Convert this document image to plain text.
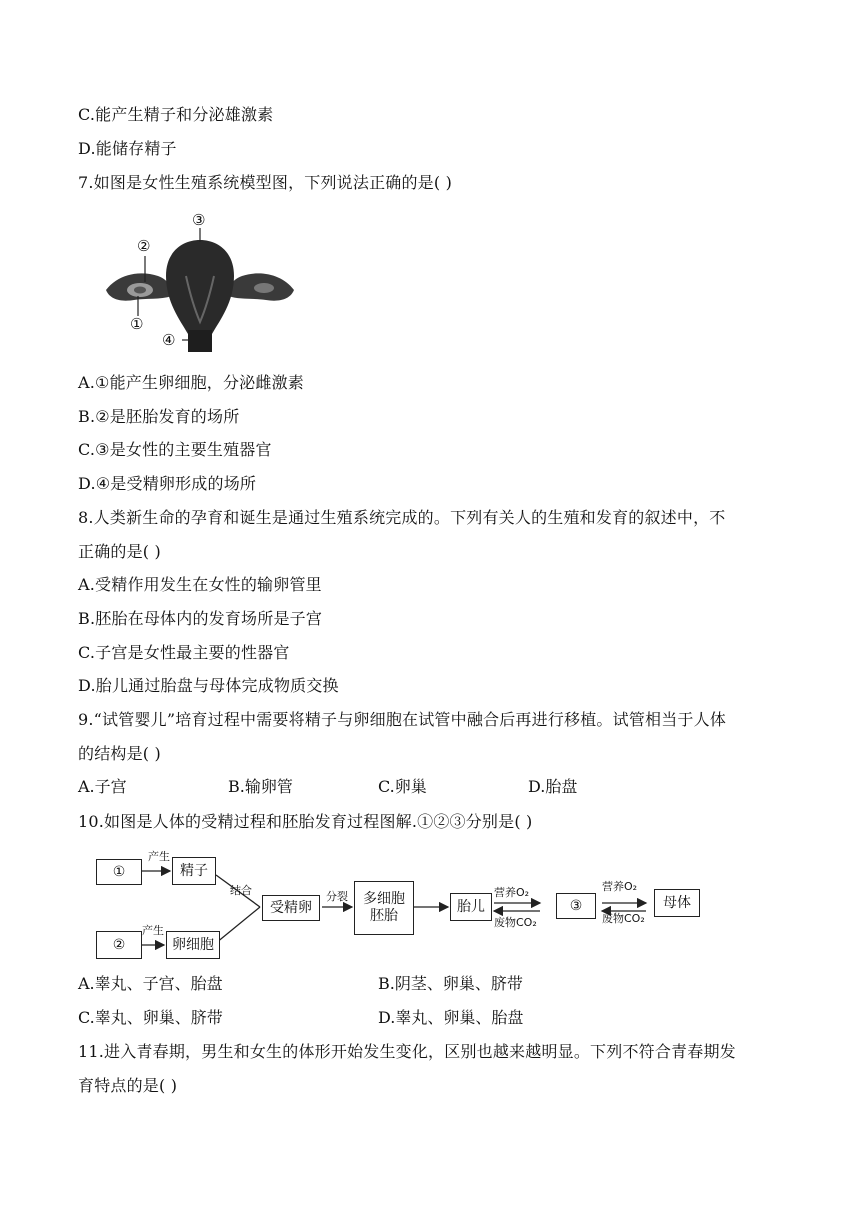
C.能产生精子和分泌雄激素
D.能储存精子
7.如图是女性生殖系统模型图，下列说法正确的是( )
③
②
①
④
A.①能产生卵细胞，分泌雌激素
B.②是胚胎发育的场所
C.③是女性的主要生殖器官
D.④是受精卵形成的场所
8.人类新生命的孕育和诞生是通过生殖系统完成的。下列有关人的生殖和发育的叙述中，不
正确的是( )
A.受精作用发生在女性的输卵管里
B.胚胎在母体内的发育场所是子宫
C.子宫是女性最主要的性器官
D.胎儿通过胎盘与母体完成物质交换
9.“试管婴儿”培育过程中需要将精子与卵细胞在试管中融合后再进行移植。试管相当于人体
的结构是( )
A.子宫	B.输卵管	C.卵巢	D.胎盘
10.如图是人体的受精过程和胚胎发育过程图解.①②③分别是( )
①	精子
②	卵细胞
受精卵
多细胞
胚胎
胎儿	③	母体
产生
产生
结合	分裂	营养O₂
废物CO₂
营养O₂
废物CO₂
A.睾丸、子宫、胎盘	B.阴茎、卵巢、脐带
C.睾丸、卵巢、脐带	D.睾丸、卵巢、胎盘
11.进入青春期，男生和女生的体形开始发生变化，区别也越来越明显。下列不符合青春期发
育特点的是( )
